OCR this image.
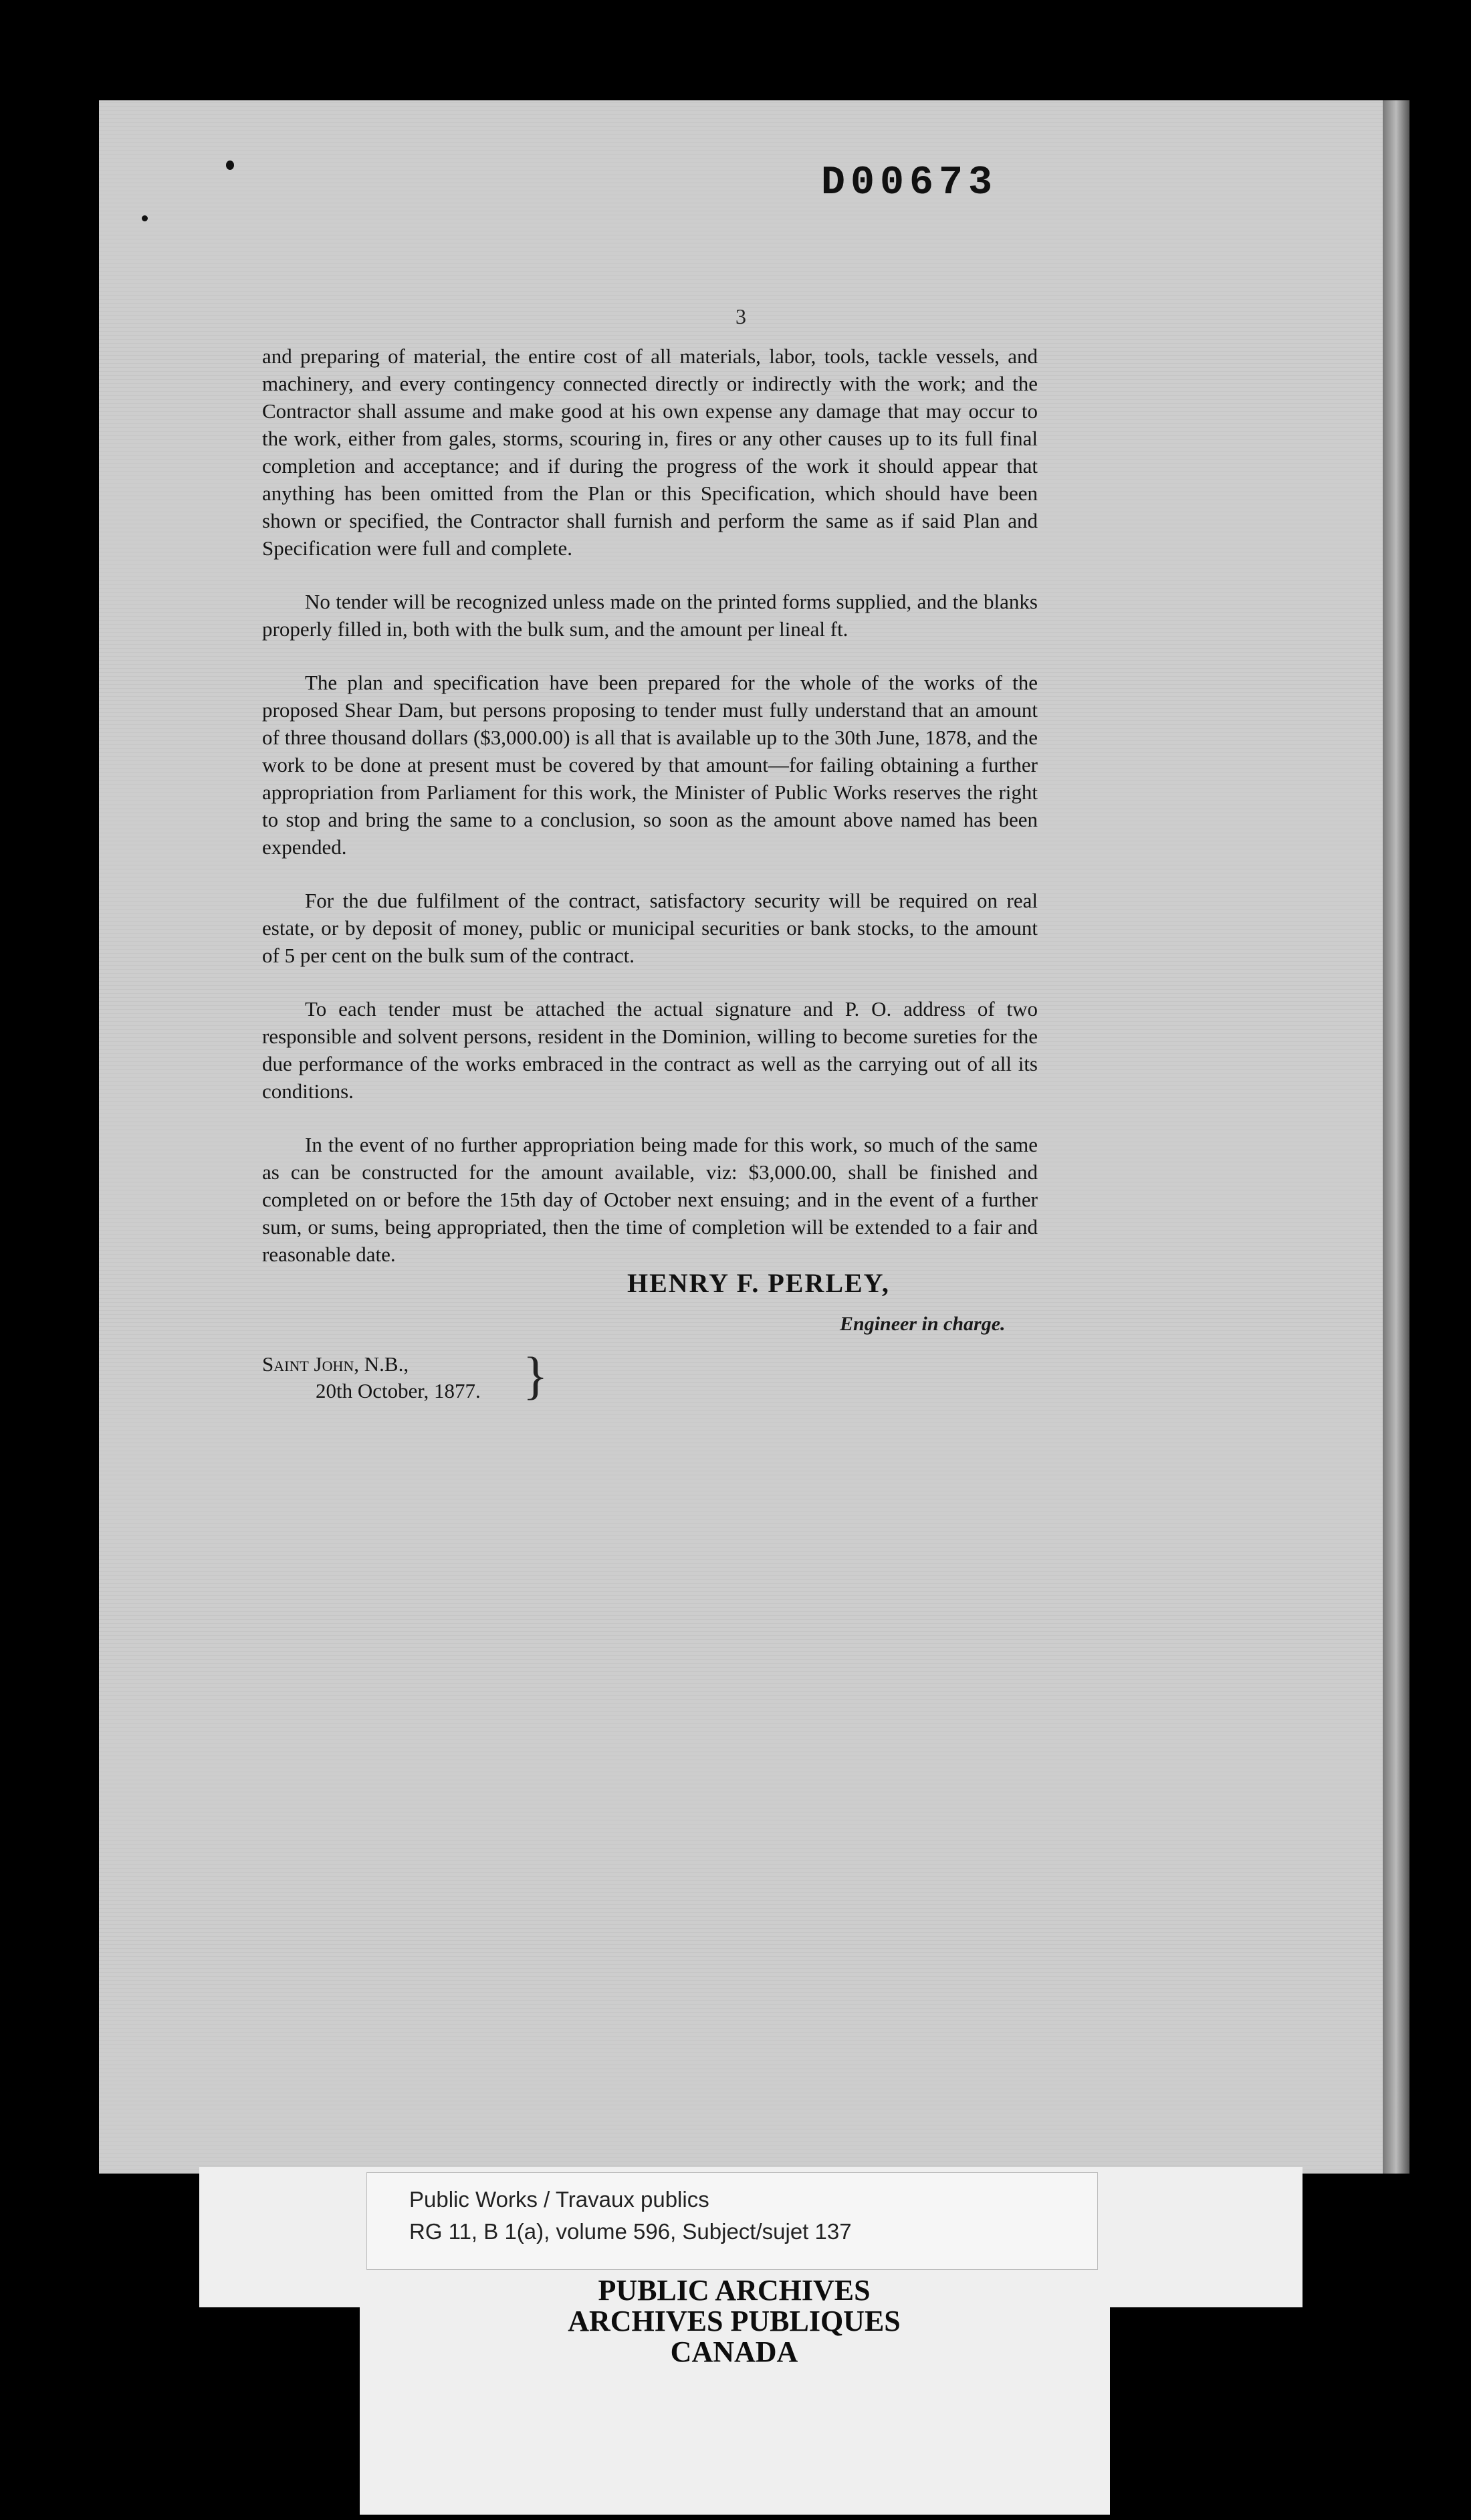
D00673
3

and preparing of material, the entire cost of all materials, labor, tools, tackle vessels, and machinery, and every contingency connected directly or indirectly with the work; and the Contractor shall assume and make good at his own expense any damage that may occur to the work, either from gales, storms, scouring in, fires or any other causes up to its full final completion and acceptance; and if during the progress of the work it should appear that anything has been omitted from the Plan or this Specification, which should have been shown or specified, the Contractor shall furnish and perform the same as if said Plan and Specification were full and complete.

No tender will be recognized unless made on the printed forms supplied, and the blanks properly filled in, both with the bulk sum, and the amount per lineal ft.

The plan and specification have been prepared for the whole of the works of the proposed Shear Dam, but persons proposing to tender must fully understand that an amount of three thousand dollars ($3,000.00) is all that is available up to the 30th June, 1878, and the work to be done at present must be covered by that amount—for failing obtaining a further appropriation from Parliament for this work, the Minister of Public Works reserves the right to stop and bring the same to a conclusion, so soon as the amount above named has been expended.

For the due fulfilment of the contract, satisfactory security will be required on real estate, or by deposit of money, public or municipal securities or bank stocks, to the amount of 5 per cent on the bulk sum of the contract.

To each tender must be attached the actual signature and P. O. address of two responsible and solvent persons, resident in the Dominion, willing to become sureties for the due performance of the works embraced in the contract as well as the carrying out of all its conditions.

In the event of no further appropriation being made for this work, so much of the same as can be constructed for the amount available, viz: $3,000.00, shall be finished and completed on or before the 15th day of October next ensuing; and in the event of a further sum, or sums, being appropriated, then the time of completion will be extended to a fair and reasonable date.

HENRY F. PERLEY,
Engineer in charge.
Saint John, N.B.,
20th October, 1877. }
Public Works / Travaux publics
RG 11, B 1(a), volume 596, Subject/sujet 137
PUBLIC ARCHIVES
ARCHIVES PUBLIQUES
CANADA
